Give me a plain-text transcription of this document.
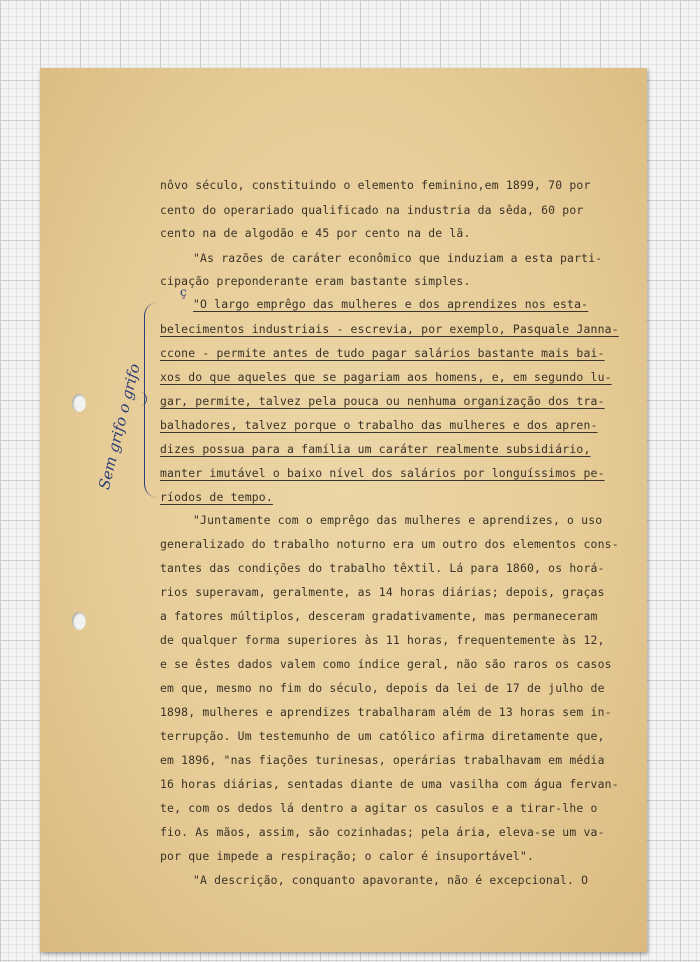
ç
Sem grifo o grifo
nôvo século, constituindo o elemento feminino,em 1899, 70 por
cento do operariado qualificado na industria da sêda, 60 por
cento na de algodão e 45 por cento na de lã.
"As razões de caráter econômico que induziam a esta parti-
cipação preponderante eram bastante simples.
"O largo emprêgo das mulheres e dos aprendizes nos esta-
belecimentos industriais - escrevia, por exemplo, Pasquale Janna-
ccone - permite antes de tudo pagar salários bastante mais bai-
xos do que aqueles que se pagariam aos homens, e, em segundo lu-
gar, permite, talvez pela pouca ou nenhuma organização dos tra-
balhadores, talvez porque o trabalho das mulheres e dos apren-
dizes possua para a família um caráter realmente subsidiário,
manter imutável o baixo nível dos salários por longuíssimos pe-
ríodos de tempo.
"Juntamente com o emprêgo das mulheres e aprendizes, o uso
generalizado do trabalho noturno era um outro dos elementos cons-
tantes das condições do trabalho têxtil. Lá para 1860, os horá-
rios superavam, geralmente, as 14 horas diárias; depois, graças
a fatores múltiplos, desceram gradativamente, mas permaneceram
de qualquer forma superiores às 11 horas, frequentemente às 12,
e se êstes dados valem como índice geral, não são raros os casos
em que, mesmo no fim do século, depois da lei de 17 de julho de
1898, mulheres e aprendizes trabalharam além de 13 horas sem in-
terrupção. Um testemunho de um católico afirma diretamente que,
em 1896, "nas fiações turinesas, operárias trabalhavam em média
16 horas diárias, sentadas diante de uma vasilha com água fervan-
te, com os dedos lá dentro a agitar os casulos e a tirar-lhe o
fio. As mãos, assim, são cozinhadas; pela ária, eleva-se um va-
por que impede a respiração; o calor é insuportável".
"A descrição, conquanto apavorante, não é excepcional. O
